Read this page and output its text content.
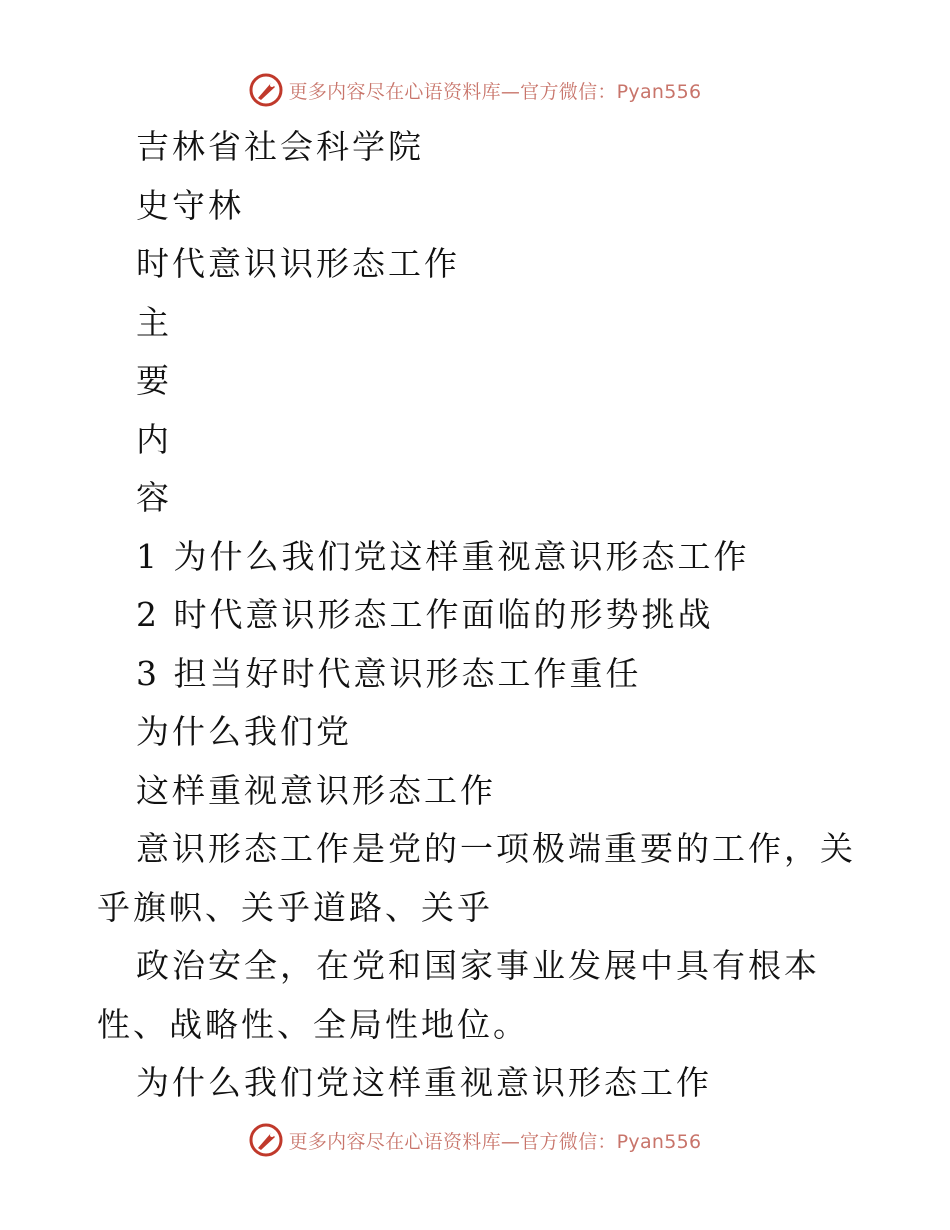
更多内容尽在心语资料库—官方微信：Pyan556
吉林省社会科学院
史守林
时代意识识形态工作
主
要
内
容
1 为什么我们党这样重视意识形态工作
2 时代意识形态工作面临的形势挑战
3 担当好时代意识形态工作重任
为什么我们党
这样重视意识形态工作
意识形态工作是党的一项极端重要的工作，关乎旗帜、关乎道路、关乎
政治安全，在党和国家事业发展中具有根本性、战略性、全局性地位。
为什么我们党这样重视意识形态工作
更多内容尽在心语资料库—官方微信：Pyan556
